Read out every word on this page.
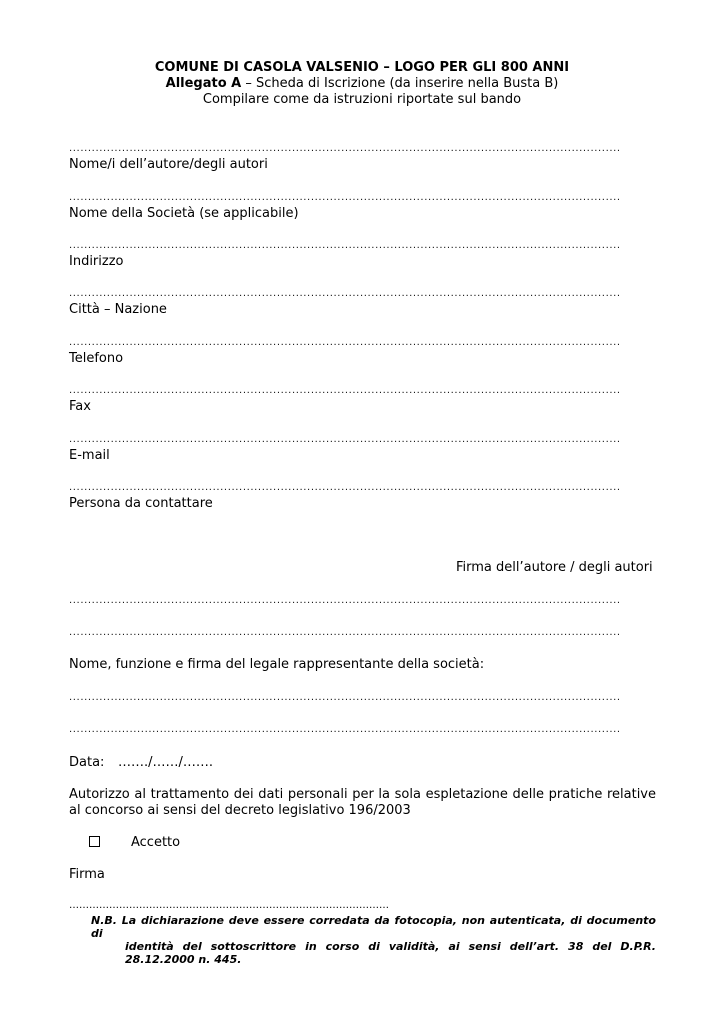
COMUNE DI CASOLA VALSENIO – LOGO PER GLI 800 ANNI
Allegato A – Scheda di Iscrizione (da inserire nella Busta B)
Compilare come da istruzioni riportate sul bando
..................................................................................................................................................
Nome/i dell’autore/degli autori
..................................................................................................................................................
Nome della Società (se applicabile)
..................................................................................................................................................
Indirizzo
..................................................................................................................................................
Città – Nazione
..................................................................................................................................................
Telefono
..................................................................................................................................................
Fax
..................................................................................................................................................
E-mail
..................................................................................................................................................
Persona da contattare
Firma dell’autore / degli autori
..................................................................................................................................................
..................................................................................................................................................
Nome, funzione e firma del legale rappresentante della società:
..................................................................................................................................................
..................................................................................................................................................
Data: ……./……/…….
Autorizzo al trattamento dei dati personali per la sola espletazione delle pratiche relative al concorso ai sensi del decreto legislativo 196/2003
Accetto
Firma
……………………………………………………………………………………
N.B. La dichiarazione deve essere corredata da fotocopia, non autenticata, di documento di
identità del sottoscrittore in corso di validità, ai sensi dell’art. 38 del D.P.R. 28.12.2000 n. 445.
